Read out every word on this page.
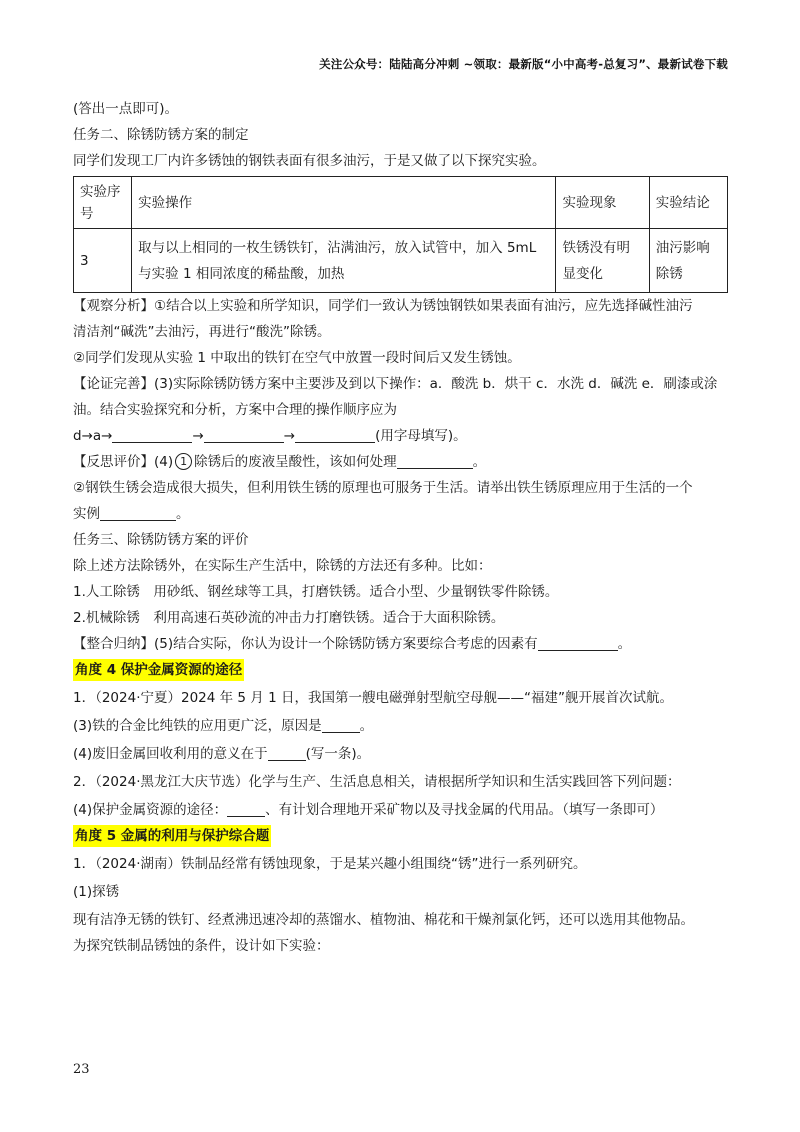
关注公众号：陆陆高分冲刺 ~领取：最新版“小中高考-总复习”、最新试卷下载
(答出一点即可)。
任务二、除锈防锈方案的制定
同学们发现工厂内许多锈蚀的钢铁表面有很多油污，于是又做了以下探究实验。
实验序号	实验操作	实验现象	实验结论
3	取与以上相同的一枚生锈铁钉，沾满油污，放入试管中，加入 5mL 与实验 1 相同浓度的稀盐酸，加热	铁锈没有明显变化	油污影响除锈
【观察分析】①结合以上实验和所学知识，同学们一致认为锈蚀钢铁如果表面有油污，应先选择碱性油污
清洁剂“碱洗”去油污，再进行“酸洗”除锈。
②同学们发现从实验 1 中取出的铁钉在空气中放置一段时间后又发生锈蚀。
【论证完善】(3)实际除锈防锈方案中主要涉及到以下操作：a．酸洗 b．烘干 c．水洗 d．碱洗 e．刷漆或涂
油。结合实验探究和分析，方案中合理的操作顺序应为
d→a→	→	→	(用字母填写)。
【反思评价】(4) 1 除锈后的废液呈酸性，该如何处理	。
②钢铁生锈会造成很大损失，但利用铁生锈的原理也可服务于生活。请举出铁生锈原理应用于生活的一个
实例	。
任务三、除锈防锈方案的评价
除上述方法除锈外，在实际生产生活中，除锈的方法还有多种。比如：
1.人工除锈　用砂纸、钢丝球等工具，打磨铁锈。适合小型、少量钢铁零件除锈。
2.机械除锈　利用高速石英砂流的冲击力打磨铁锈。适合于大面积除锈。
【整合归纳】(5)结合实际，你认为设计一个除锈防锈方案要综合考虑的因素有	。
角度 4 保护金属资源的途径
1．（2024·宁夏）2024 年 5 月 1 日，我国第一艘电磁弹射型航空母舰——“福建”舰开展首次试航。
(3)铁的合金比纯铁的应用更广泛，原因是	。
(4)废旧金属回收利用的意义在于	(写一条)。
2．（2024·黑龙江大庆节选）化学与生产、生活息息相关，请根据所学知识和生活实践回答下列问题：
(4)保护金属资源的途径：	、有计划合理地开采矿物以及寻找金属的代用品。（填写一条即可）
角度 5 金属的利用与保护综合题
1．（2024·湖南）铁制品经常有锈蚀现象，于是某兴趣小组围绕“锈”进行一系列研究。
(1)探锈
现有洁净无锈的铁钉、经煮沸迅速冷却的蒸馏水、植物油、棉花和干燥剂氯化钙，还可以选用其他物品。
为探究铁制品锈蚀的条件，设计如下实验：
23
